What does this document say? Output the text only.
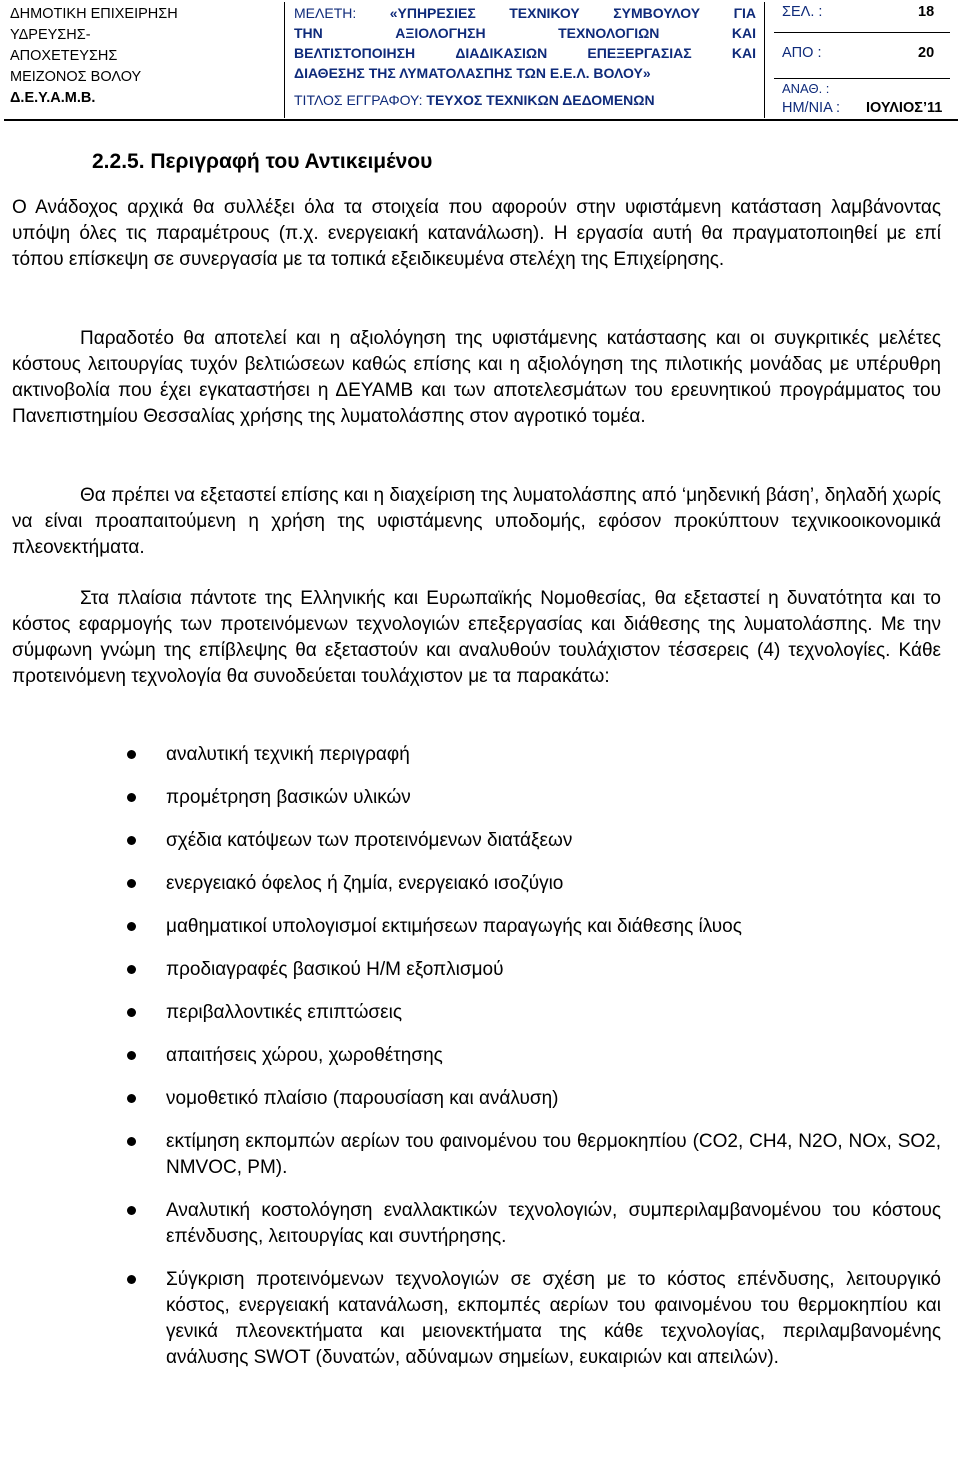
ΔΗΜΟΤΙΚΗ ΕΠΙΧΕΙΡΗΣΗ
ΥΔΡΕΥΣΗΣ-
ΑΠΟΧΕΤΕΥΣΗΣ
ΜΕΙΖΟΝΟΣ ΒΟΛΟΥ
Δ.Ε.Υ.Α.Μ.Β.
ΜΕΛΕΤΗ: «ΥΠΗΡΕΣΙΕΣ ΤΕΧΝΙΚΟΥ ΣΥΜΒΟΥΛΟΥ ΓΙΑ
ΤΗΝ	ΑΞΙΟΛΟΓΗΣΗ	ΤΕΧΝΟΛΟΓΙΩΝ	ΚΑΙ
ΒΕΛΤΙΣΤΟΠΟΙΗΣΗ	ΔΙΑΔΙΚΑΣΙΩΝ	ΕΠΕΞΕΡΓΑΣΙΑΣ	ΚΑΙ
ΔΙΑΘΕΣΗΣ ΤΗΣ ΛΥΜΑΤΟΛΑΣΠΗΣ ΤΩΝ Ε.Ε.Λ. ΒΟΛΟΥ»
ΤΙΤΛΟΣ ΕΓΓΡΑΦΟΥ: ΤΕΥΧΟΣ ΤΕΧΝΙΚΩΝ ΔΕΔΟΜΕΝΩΝ
ΣΕΛ. :	18
ΑΠΟ :	20
ΑΝΑΘ. :
ΗΜ/ΝΙΑ : ΙΟΥΛΙΟΣ’11
2.2.5. Περιγραφή του Αντικειμένου

Ο Ανάδοχος αρχικά θα συλλέξει όλα τα στοιχεία που αφορούν στην υφιστάμενη κατάσταση λαμβάνοντας υπόψη όλες τις παραμέτρους (π.χ. ενεργειακή κατανάλωση). Η εργασία αυτή θα πραγματοποιηθεί με επί τόπου επίσκεψη σε συνεργασία με τα τοπικά εξειδικευμένα στελέχη της Επιχείρησης.

Παραδοτέο θα αποτελεί και η αξιολόγηση της υφιστάμενης κατάστασης και οι συγκριτικές μελέτες κόστους λειτουργίας τυχόν βελτιώσεων καθώς επίσης και η αξιολόγηση της πιλοτικής μονάδας με υπέρυθρη ακτινοβολία που έχει εγκαταστήσει η ΔΕΥΑΜΒ και των αποτελεσμάτων του ερευνητικού προγράμματος του Πανεπιστημίου Θεσσαλίας χρήσης της λυματολάσπης στον αγροτικό τομέα.

Θα πρέπει να εξεταστεί επίσης και η διαχείριση της λυματολάσπης από ‘μηδενική βάση’, δηλαδή χωρίς να είναι προαπαιτούμενη η χρήση της υφιστάμενης υποδομής, εφόσον προκύπτουν τεχνικοοικονομικά πλεονεκτήματα.

Στα πλαίσια πάντοτε της Ελληνικής και Ευρωπαϊκής Νομοθεσίας, θα εξεταστεί η δυνατότητα και το κόστος εφαρμογής των προτεινόμενων τεχνολογιών επεξεργασίας και διάθεσης της λυματολάσπης. Με την σύμφωνη γνώμη της επίβλεψης θα εξεταστούν και αναλυθούν τουλάχιστον τέσσερεις (4) τεχνολογίες. Κάθε προτεινόμενη τεχνολογία θα συνοδεύεται τουλάχιστον με τα παρακάτω:

αναλυτική τεχνική περιγραφή
προμέτρηση βασικών υλικών
σχέδια κατόψεων των προτεινόμενων διατάξεων
ενεργειακό όφελος ή ζημία, ενεργειακό ισοζύγιο
μαθηματικοί υπολογισμοί εκτιμήσεων παραγωγής και διάθεσης ίλυος
προδιαγραφές βασικού Η/Μ εξοπλισμού
περιβαλλοντικές επιπτώσεις
απαιτήσεις χώρου, χωροθέτησης
νομοθετικό πλαίσιο (παρουσίαση και ανάλυση)
εκτίμηση εκπομπών αερίων του φαινομένου του θερμοκηπίου (CO2, CH4, N2O, NOx, SO2, NMVOC, PM).
Αναλυτική κοστολόγηση εναλλακτικών τεχνολογιών, συμπεριλαμβανομένου του κόστους επένδυσης, λειτουργίας και συντήρησης.
Σύγκριση προτεινόμενων τεχνολογιών σε σχέση με το κόστος επένδυσης, λειτουργικό κόστος, ενεργειακή κατανάλωση, εκπομπές αερίων του φαινομένου του θερμοκηπίου και γενικά πλεονεκτήματα και μειονεκτήματα της κάθε τεχνολογίας, περιλαμβανομένης ανάλυσης SWOT (δυνατών, αδύναμων σημείων, ευκαιριών και απειλών).
